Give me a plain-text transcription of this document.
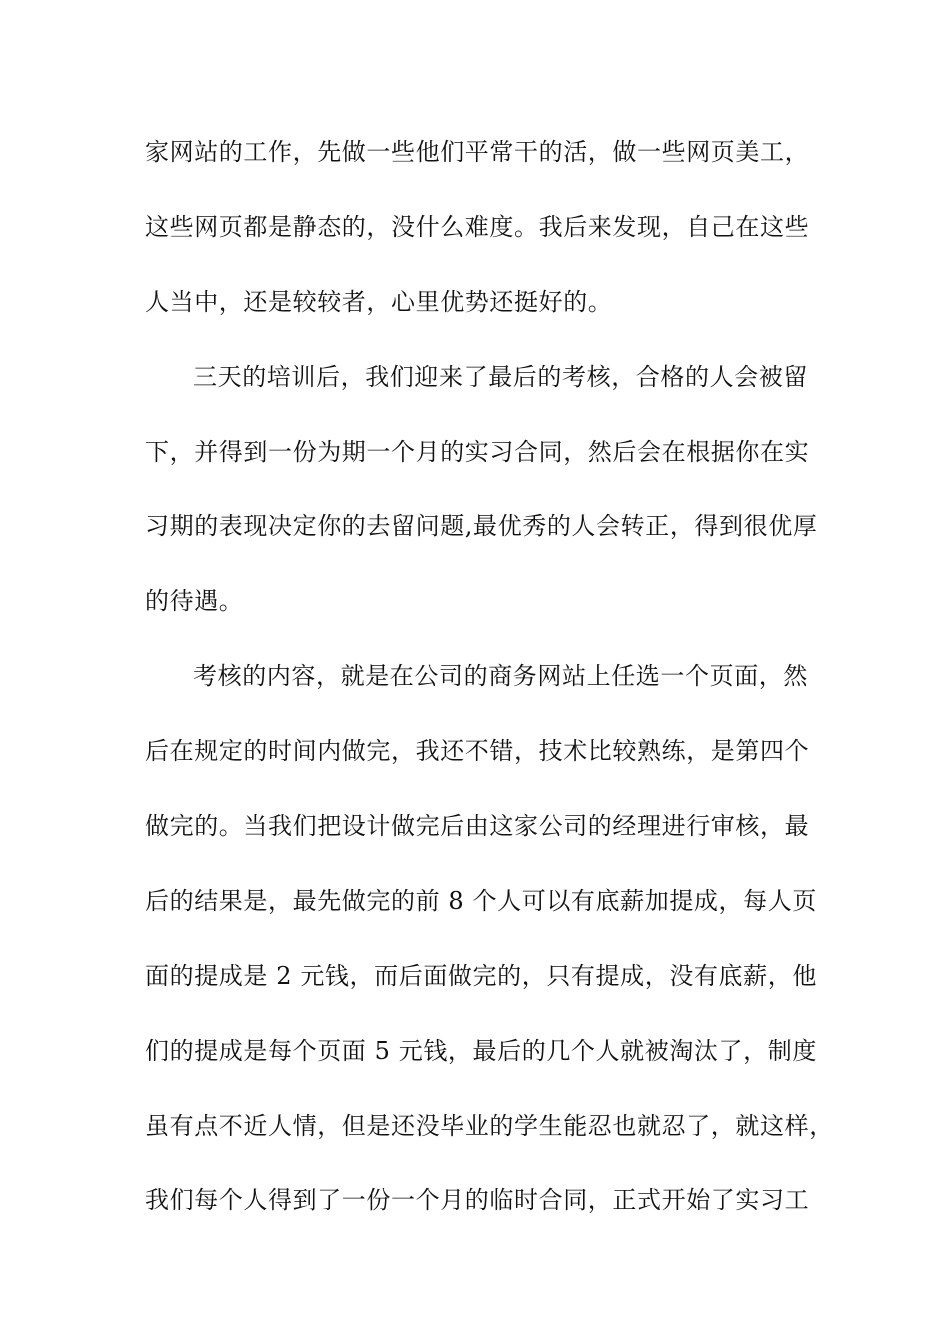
家网站的工作，先做一些他们平常干的活，做一些网页美工，
这些网页都是静态的，没什么难度。我后来发现，自己在这些
人当中，还是较较者，心里优势还挺好的。
三天的培训后，我们迎来了最后的考核，合格的人会被留
下，并得到一份为期一个月的实习合同，然后会在根据你在实
习期的表现决定你的去留问题,最优秀的人会转正，得到很优厚
的待遇。
考核的内容，就是在公司的商务网站上任选一个页面，然
后在规定的时间内做完，我还不错，技术比较熟练，是第四个
做完的。当我们把设计做完后由这家公司的经理进行审核，最
后的结果是，最先做完的前 8 个人可以有底薪加提成，每人页
面的提成是 2 元钱，而后面做完的，只有提成，没有底薪，他
们的提成是每个页面 5 元钱，最后的几个人就被淘汰了，制度
虽有点不近人情，但是还没毕业的学生能忍也就忍了，就这样，
我们每个人得到了一份一个月的临时合同，正式开始了实习工
